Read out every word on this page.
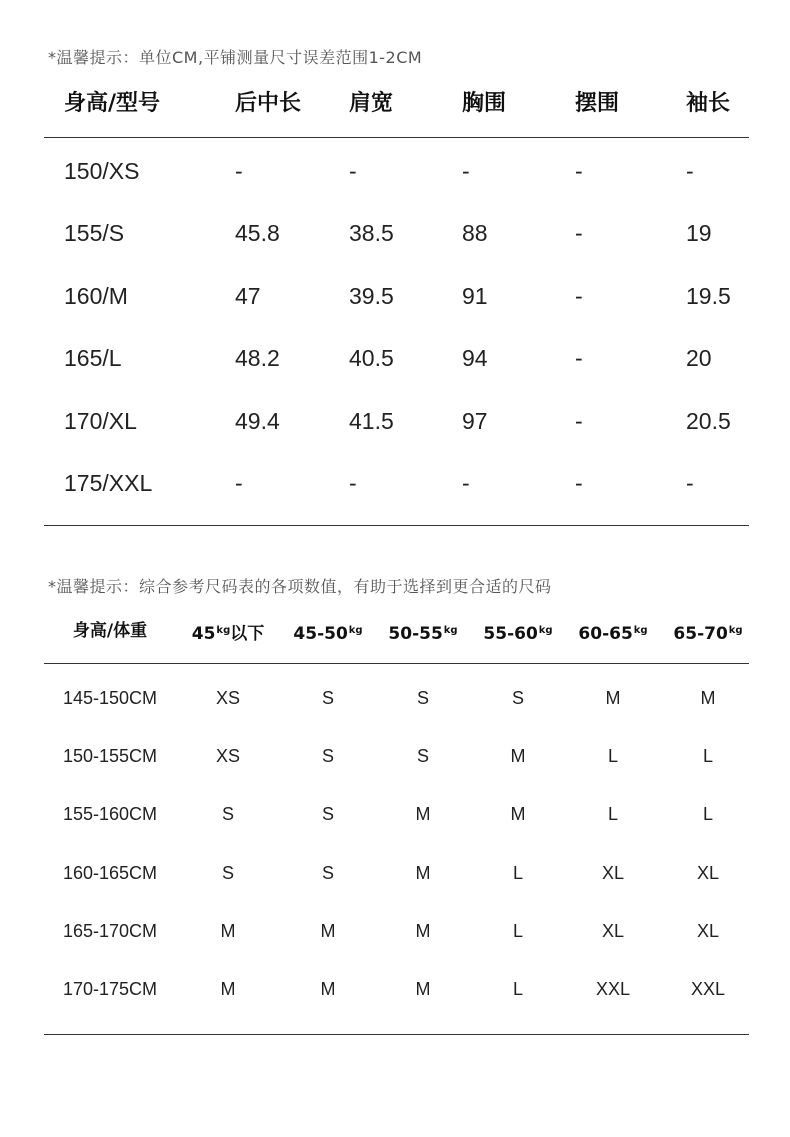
*温馨提示：单位CM,平铺测量尺寸误差范围1-2CM
身高/型号	后中长 肩宽	胸围	摆围	袖长
150/XS	-	-	-	-	-
155/S	45.8	38.5	88	-	19
160/M	47	39.5	91	-	19.5
165/L	48.2	40.5	94	-	20
170/XL	49.4	41.5	97	-	20.5
175/XXL	-	-	-	-	-
*温馨提示：综合参考尺码表的各项数值，有助于选择到更合适的尺码
身高/体重	$45^{kg}$以下 $45-50^{kg}$ $50-55^{kg}$ $55-60^{kg}$ $60-65^{kg}$ $65-70^{kg}$
145-150CM	XS	S	S	S	M	M
150-155CM	XS	S	S	M	L	L
155-160CM	S	S	M	M	L	L
160-165CM	S	S	M	L	XL	XL
165-170CM	M	M	M	L	XL	XL
170-175CM	M	M	M	L	XXL	XXL
